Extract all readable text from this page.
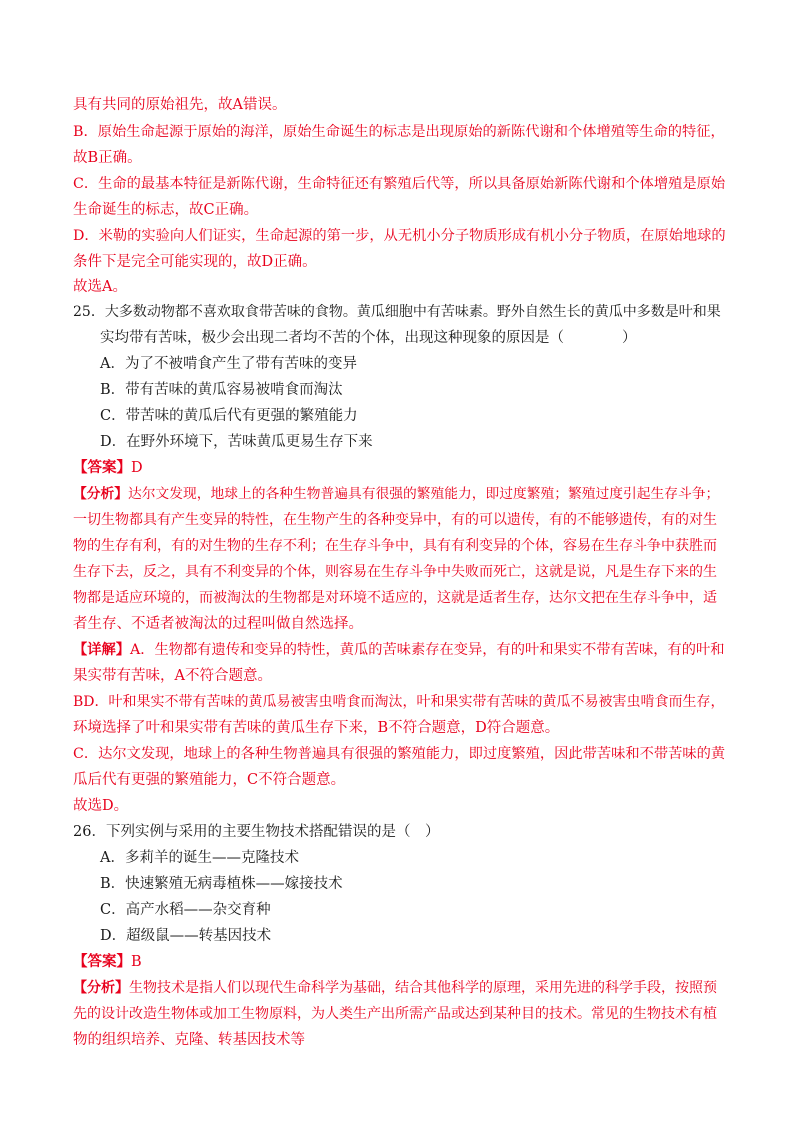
具有共同的原始祖先，故A错误。
B．原始生命起源于原始的海洋，原始生命诞生的标志是出现原始的新陈代谢和个体增殖等生命的特征，
故B正确。
C．生命的最基本特征是新陈代谢，生命特征还有繁殖后代等，所以具备原始新陈代谢和个体增殖是原始
生命诞生的标志，故C正确。
D．米勒的实验向人们证实，生命起源的第一步，从无机小分子物质形成有机小分子物质，在原始地球的
条件下是完全可能实现的，故D正确。
故选A。
25．大多数动物都不喜欢取食带苦味的食物。黄瓜细胞中有苦味素。野外自然生长的黄瓜中多数是叶和果
实均带有苦味，极少会出现二者均不苦的个体，出现这种现象的原因是（　　　　）
A．为了不被啃食产生了带有苦味的变异
B．带有苦味的黄瓜容易被啃食而淘汰
C．带苦味的黄瓜后代有更强的繁殖能力
D．在野外环境下，苦味黄瓜更易生存下来
【答案】D
【分析】达尔文发现，地球上的各种生物普遍具有很强的繁殖能力，即过度繁殖；繁殖过度引起生存斗争；
一切生物都具有产生变异的特性，在生物产生的各种变异中，有的可以遗传，有的不能够遗传，有的对生
物的生存有利，有的对生物的生存不利；在生存斗争中，具有有利变异的个体，容易在生存斗争中获胜而
生存下去，反之，具有不利变异的个体，则容易在生存斗争中失败而死亡，这就是说，凡是生存下来的生
物都是适应环境的，而被淘汰的生物都是对环境不适应的，这就是适者生存，达尔文把在生存斗争中，适
者生存、不适者被淘汰的过程叫做自然选择。
【详解】A．生物都有遗传和变异的特性，黄瓜的苦味素存在变异，有的叶和果实不带有苦味，有的叶和
果实带有苦味，A不符合题意。
BD．叶和果实不带有苦味的黄瓜易被害虫啃食而淘汰，叶和果实带有苦味的黄瓜不易被害虫啃食而生存，
环境选择了叶和果实带有苦味的黄瓜生存下来，B不符合题意，D符合题意。
C．达尔文发现，地球上的各种生物普遍具有很强的繁殖能力，即过度繁殖，因此带苦味和不带苦味的黄
瓜后代有更强的繁殖能力，C不符合题意。
故选D。
26．下列实例与采用的主要生物技术搭配错误的是（　）
A．多莉羊的诞生——克隆技术
B．快速繁殖无病毒植株——嫁接技术
C．高产水稻——杂交育种
D．超级鼠——转基因技术
【答案】B
【分析】生物技术是指人们以现代生命科学为基础，结合其他科学的原理，采用先进的科学手段，按照预
先的设计改造生物体或加工生物原料，为人类生产出所需产品或达到某种目的技术。常见的生物技术有植
物的组织培养、克隆、转基因技术等
